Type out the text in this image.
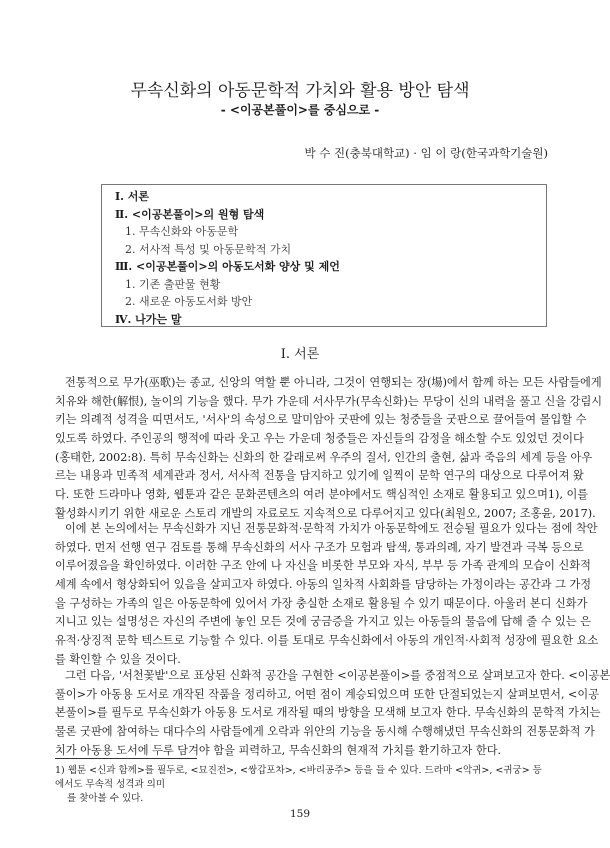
무속신화의 아동문학적 가치와 활용 방안 탐색
- <이공본풀이>를 중심으로 -
박 수 진(충북대학교) · 임 이 랑(한국과학기술원)
Ⅰ. 서론
Ⅱ. <이공본풀이>의 원형 탐색
1. 무속신화와 아동문학
2. 서사적 특성 및 아동문학적 가치
Ⅲ. <이공본풀이>의 아동도서화 양상 및 제언
1. 기존 출판물 현황
2. 새로운 아동도서화 방안
Ⅳ. 나가는 말
Ⅰ. 서론
전통적으로 무가(巫歌)는 종교, 신앙의 역할 뿐 아니라, 그것이 연행되는 장(場)에서 함께 하는 모든 사람들에게
치유와 해한(解恨), 놀이의 기능을 했다. 무가 가운데 서사무가(무속신화)는 무당이 신의 내력을 풀고 신을 강림시
키는 의례적 성격을 띠면서도, '서사'의 속성으로 말미암아 굿판에 있는 청중들을 굿판으로 끌어들여 몰입할 수
있도록 하였다. 주인공의 행적에 따라 웃고 우는 가운데 청중들은 자신들의 감정을 해소할 수도 있었던 것이다
(홍태한, 2002:8). 특히 무속신화는 신화의 한 갈래로써 우주의 질서, 인간의 출현, 삶과 죽음의 세계 등을 아우
르는 내용과 민족적 세계관과 정서, 서사적 전통을 담지하고 있기에 일찍이 문학 연구의 대상으로 다루어져 왔
다. 또한 드라마나 영화, 웹툰과 같은 문화콘텐츠의 여러 분야에서도 핵심적인 소재로 활용되고 있으며1), 이를
활성화시키기 위한 새로운 스토리 개발의 자료로도 지속적으로 다루어지고 있다(최원오, 2007; 조홍윤, 2017).
이에 본 논의에서는 무속신화가 지닌 전통문화적·문학적 가치가 아동문학에도 전승될 필요가 있다는 점에 착안
하였다. 먼저 선행 연구 검토를 통해 무속신화의 서사 구조가 모험과 탐색, 통과의례, 자기 발견과 극복 등으로
이루어졌음을 확인하였다. 이러한 구조 안에 나 자신을 비롯한 부모와 자식, 부부 등 가족 관계의 모습이 신화적
세계 속에서 형상화되어 있음을 살피고자 하였다. 아동의 일차적 사회화를 담당하는 가정이라는 공간과 그 가정
을 구성하는 가족의 일은 아동문학에 있어서 가장 충실한 소재로 활용될 수 있기 때문이다. 아울러 본디 신화가
지니고 있는 설명성은 자신의 주변에 놓인 모든 것에 궁금증을 가지고 있는 아동들의 물음에 답해 줄 수 있는 은
유적·상징적 문학 텍스트로 기능할 수 있다. 이를 토대로 무속신화에서 아동의 개인적·사회적 성장에 필요한 요소
를 확인할 수 있을 것이다.
그런 다음, '서천꽃밭'으로 표상된 신화적 공간을 구현한 <이공본풀이>를 중점적으로 살펴보고자 한다. <이공본
풀이>가 아동용 도서로 개작된 작품을 정리하고, 어떤 점이 계승되었으며 또한 단절되었는지 살펴보면서, <이공
본풀이>를 필두로 무속신화가 아동용 도서로 개작될 때의 방향을 모색해 보고자 한다. 무속신화의 문학적 가치는
물론 굿판에 참여하는 대다수의 사람들에게 오락과 위안의 기능을 동시해 수행해냈던 무속신화의 전통문화적 가
치가 아동용 도서에 두루 담겨야 함을 피력하고, 무속신화의 현재적 가치를 환기하고자 한다.
1) 웹툰 <신과 함께>를 필두로, <묘진전>, <쌍갑포차>, <바리공주> 등을 들 수 있다. 드라마 <악귀>, <귀궁> 등에서도 무속적 성격과 의미
를 찾아볼 수 있다.
159
